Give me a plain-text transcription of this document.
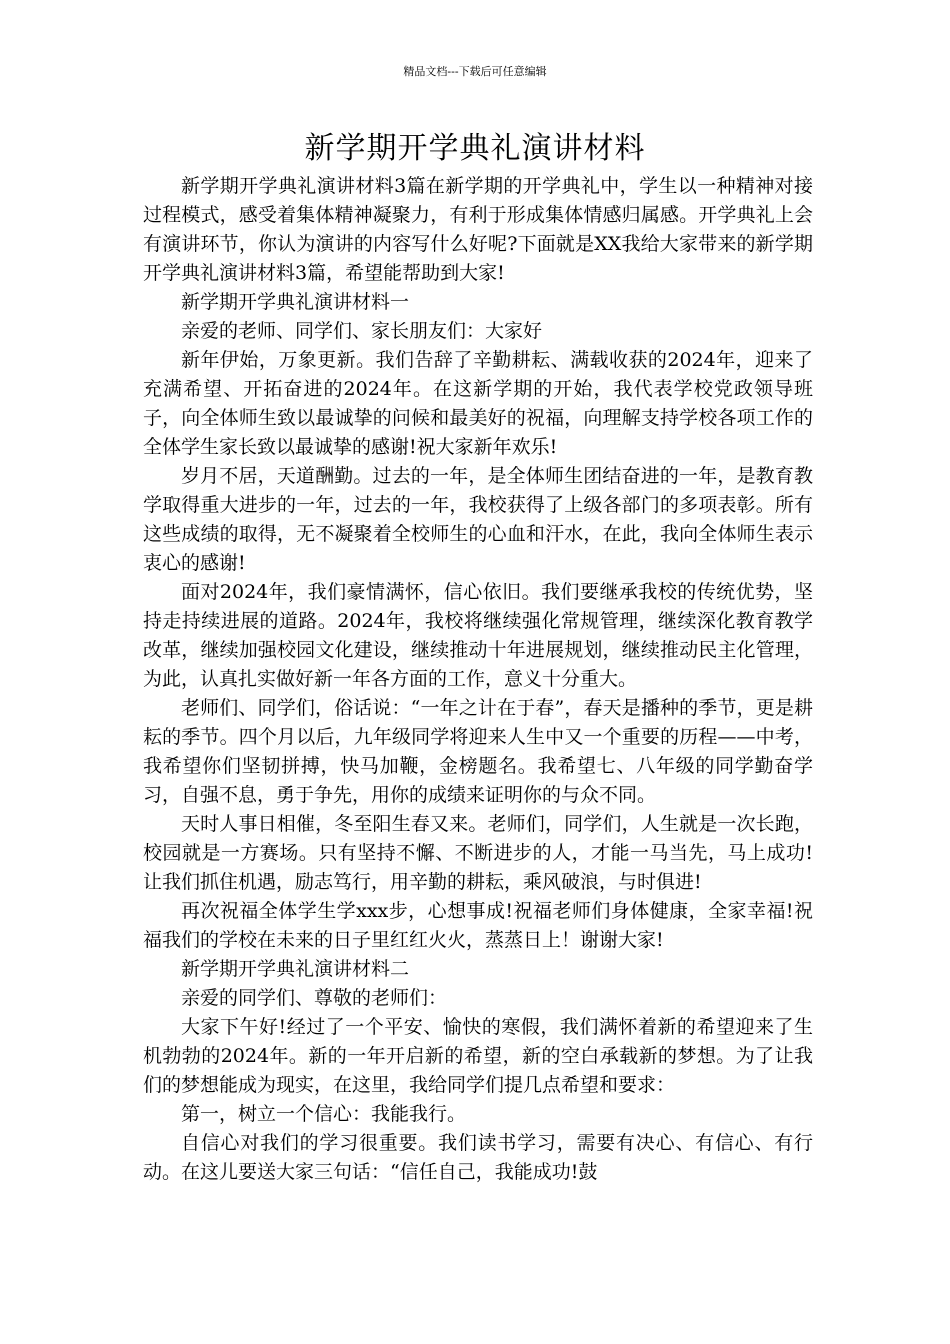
精品文档---下载后可任意编辑
新学期开学典礼演讲材料

新学期开学典礼演讲材料3篇在新学期的开学典礼中，学生以一种精神对接过程模式，感受着集体精神凝聚力，有利于形成集体情感归属感。开学典礼上会有演讲环节，你认为演讲的内容写什么好呢?下面就是XX我给大家带来的新学期开学典礼演讲材料3篇，希望能帮助到大家!

新学期开学典礼演讲材料一

亲爱的老师、同学们、家长朋友们：大家好

新年伊始，万象更新。我们告辞了辛勤耕耘、满载收获的2024年，迎来了充满希望、开拓奋进的2024年。在这新学期的开始，我代表学校党政领导班子，向全体师生致以最诚挚的问候和最美好的祝福，向理解支持学校各项工作的全体学生家长致以最诚挚的感谢!祝大家新年欢乐!

岁月不居，天道酬勤。过去的一年，是全体师生团结奋进的一年，是教育教学取得重大进步的一年，过去的一年，我校获得了上级各部门的多项表彰。所有这些成绩的取得，无不凝聚着全校师生的心血和汗水，在此，我向全体师生表示衷心的感谢!

面对2024年，我们豪情满怀，信心依旧。我们要继承我校的传统优势，坚持走持续进展的道路。2024年，我校将继续强化常规管理，继续深化教育教学改革，继续加强校园文化建设，继续推动十年进展规划，继续推动民主化管理，为此，认真扎实做好新一年各方面的工作，意义十分重大。

老师们、同学们，俗话说：“一年之计在于春”，春天是播种的季节，更是耕耘的季节。四个月以后，九年级同学将迎来人生中又一个重要的历程——中考，我希望你们坚韧拼搏，快马加鞭，金榜题名。我希望七、八年级的同学勤奋学习，自强不息，勇于争先，用你的成绩来证明你的与众不同。

天时人事日相催，冬至阳生春又来。老师们，同学们，人生就是一次长跑，校园就是一方赛场。只有坚持不懈、不断进步的人，才能一马当先，马上成功!让我们抓住机遇，励志笃行，用辛勤的耕耘，乘风破浪，与时俱进!

再次祝福全体学生学xxx步，心想事成!祝福老师们身体健康，全家幸福!祝福我们的学校在未来的日子里红红火火，蒸蒸日上！谢谢大家!

新学期开学典礼演讲材料二

亲爱的同学们、尊敬的老师们：

大家下午好!经过了一个平安、愉快的寒假，我们满怀着新的希望迎来了生机勃勃的2024年。新的一年开启新的希望，新的空白承载新的梦想。为了让我们的梦想能成为现实，在这里，我给同学们提几点希望和要求：

第一，树立一个信心：我能我行。

自信心对我们的学习很重要。我们读书学习，需要有决心、有信心、有行动。在这儿要送大家三句话：“信任自己，我能成功!鼓
